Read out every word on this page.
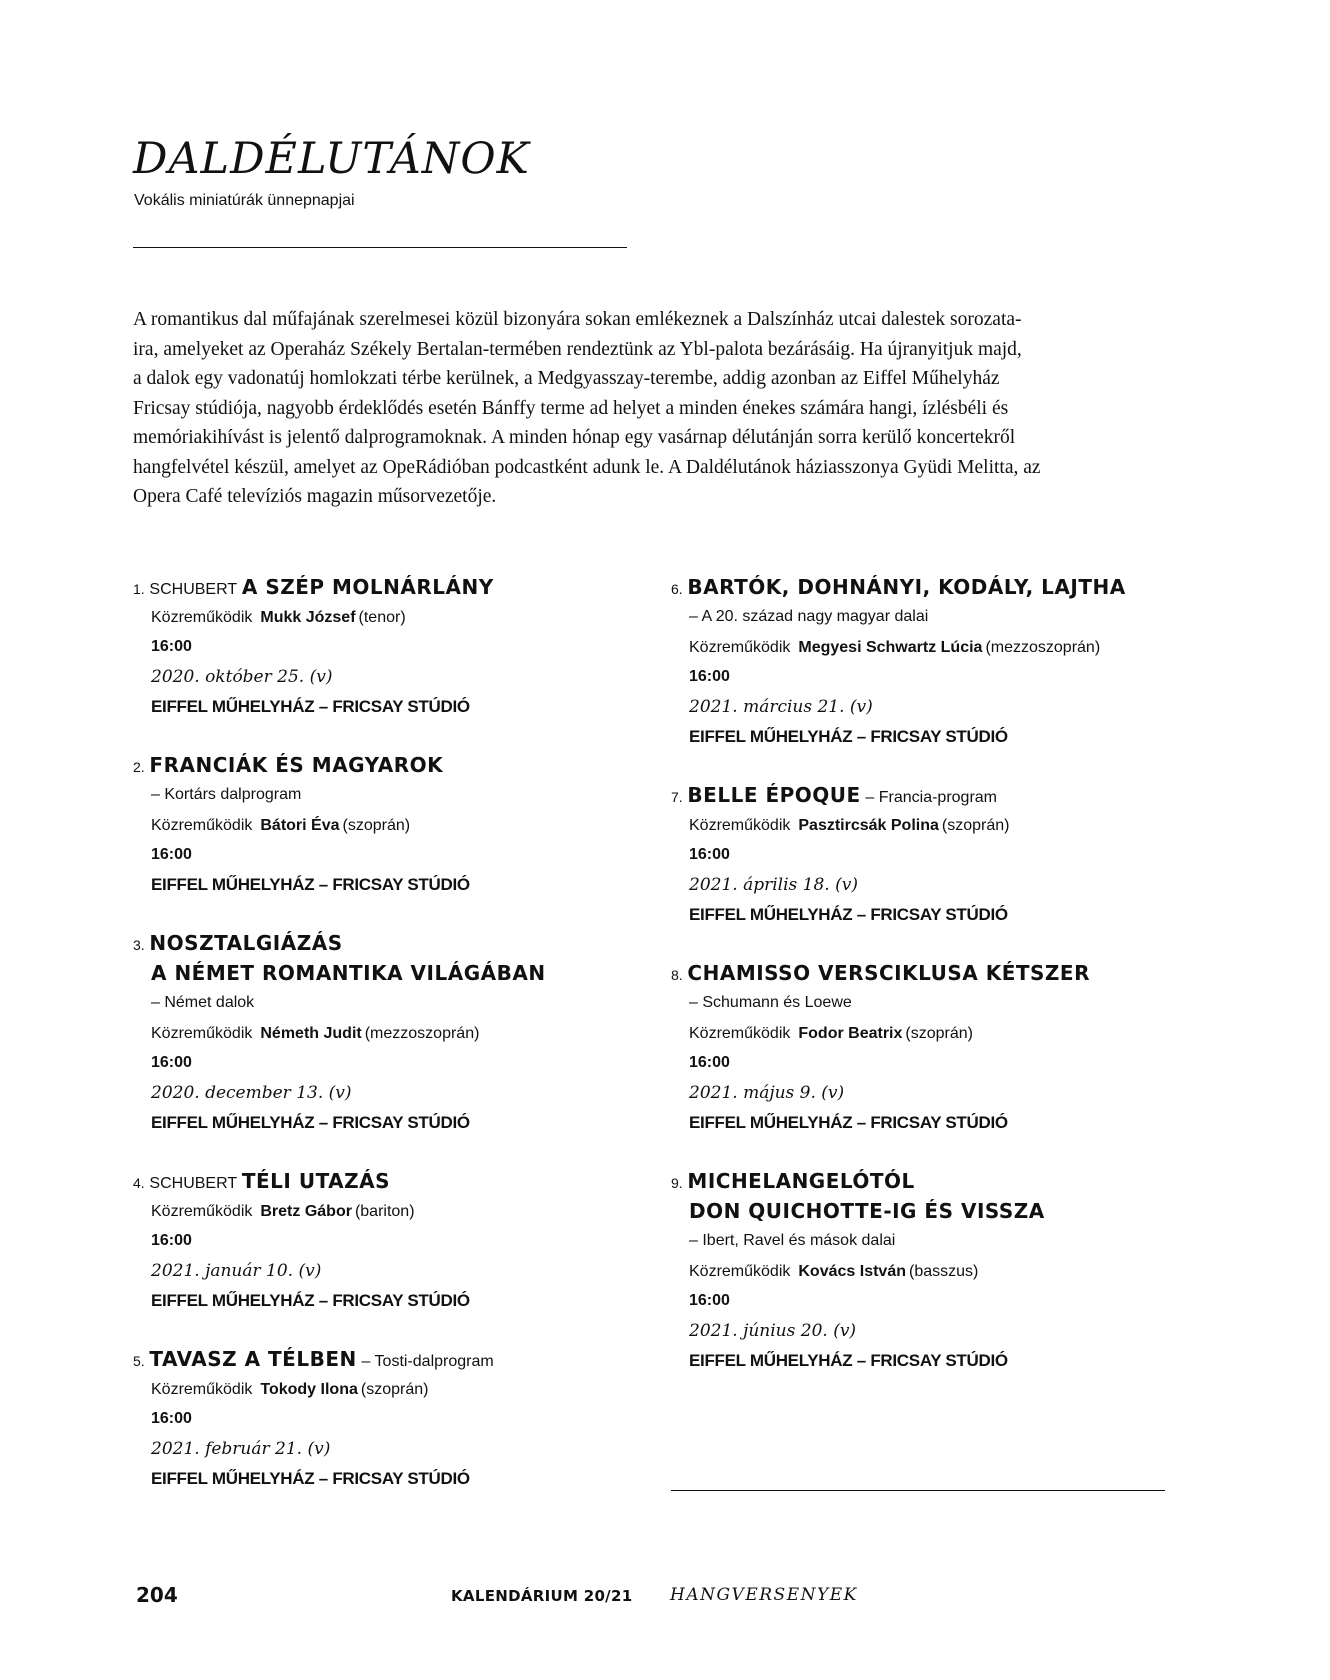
DALDÉLUTÁNOK

Vokális miniatúrák ünnepnapjai

A romantikus dal műfajának szerelmesei közül bizonyára sokan emlékeznek a Dalszínház utcai dalestek sorozata-
ira, amelyeket az Operaház Székely Bertalan-termében rendeztünk az Ybl-palota bezárásáig. Ha újranyitjuk majd,
a dalok egy vadonatúj homlokzati térbe kerülnek, a Medgyasszay-terembe, addig azonban az Eiffel Műhelyház
Fricsay stúdiója, nagyobb érdeklődés esetén Bánffy terme ad helyet a minden énekes számára hangi, ízlésbéli és
memóriakihívást is jelentő dalprogramoknak. A minden hónap egy vasárnap délutánján sorra kerülő koncertekről
hangfelvétel készül, amelyet az OpeRádióban podcastként adunk le. A Daldélutánok háziasszonya Gyüdi Melitta, az
Opera Café televíziós magazin műsorvezetője.

1. SCHUBERT A SZÉP MOLNÁRLÁNY
Közreműködik Mukk József (tenor)
16:00
2020. október 25. (v)
EIFFEL MŰHELYHÁZ – FRICSAY STÚDIÓ
2. FRANCIÁK ÉS MAGYAROK
– Kortárs dalprogram
Közreműködik Bátori Éva (szoprán)
16:00
EIFFEL MŰHELYHÁZ – FRICSAY STÚDIÓ
3. NOSZTALGIÁZÁS
A NÉMET ROMANTIKA VILÁGÁBAN
– Német dalok
Közreműködik Németh Judit (mezzoszoprán)
16:00
2020. december 13. (v)
EIFFEL MŰHELYHÁZ – FRICSAY STÚDIÓ
4. SCHUBERT TÉLI UTAZÁS
Közreműködik Bretz Gábor (bariton)
16:00
2021. január 10. (v)
EIFFEL MŰHELYHÁZ – FRICSAY STÚDIÓ
5. TAVASZ A TÉLBEN – Tosti-dalprogram
Közreműködik Tokody Ilona (szoprán)
16:00
2021. február 21. (v)
EIFFEL MŰHELYHÁZ – FRICSAY STÚDIÓ
6. BARTÓK, DOHNÁNYI, KODÁLY, LAJTHA
– A 20. század nagy magyar dalai
Közreműködik Megyesi Schwartz Lúcia (mezzoszoprán)
16:00
2021. március 21. (v)
EIFFEL MŰHELYHÁZ – FRICSAY STÚDIÓ
7. BELLE ÉPOQUE – Francia-program
Közreműködik Pasztircsák Polina (szoprán)
16:00
2021. április 18. (v)
EIFFEL MŰHELYHÁZ – FRICSAY STÚDIÓ
8. CHAMISSO VERSCIKLUSA KÉTSZER
– Schumann és Loewe
Közreműködik Fodor Beatrix (szoprán)
16:00
2021. május 9. (v)
EIFFEL MŰHELYHÁZ – FRICSAY STÚDIÓ
9. MICHELANGELÓTÓL
DON QUICHOTTE-IG ÉS VISSZA
– Ibert, Ravel és mások dalai
Közreműködik Kovács István (basszus)
16:00
2021. június 20. (v)
EIFFEL MŰHELYHÁZ – FRICSAY STÚDIÓ
204	KALENDÁRIUM 20/21 HANGVERSENYEK
